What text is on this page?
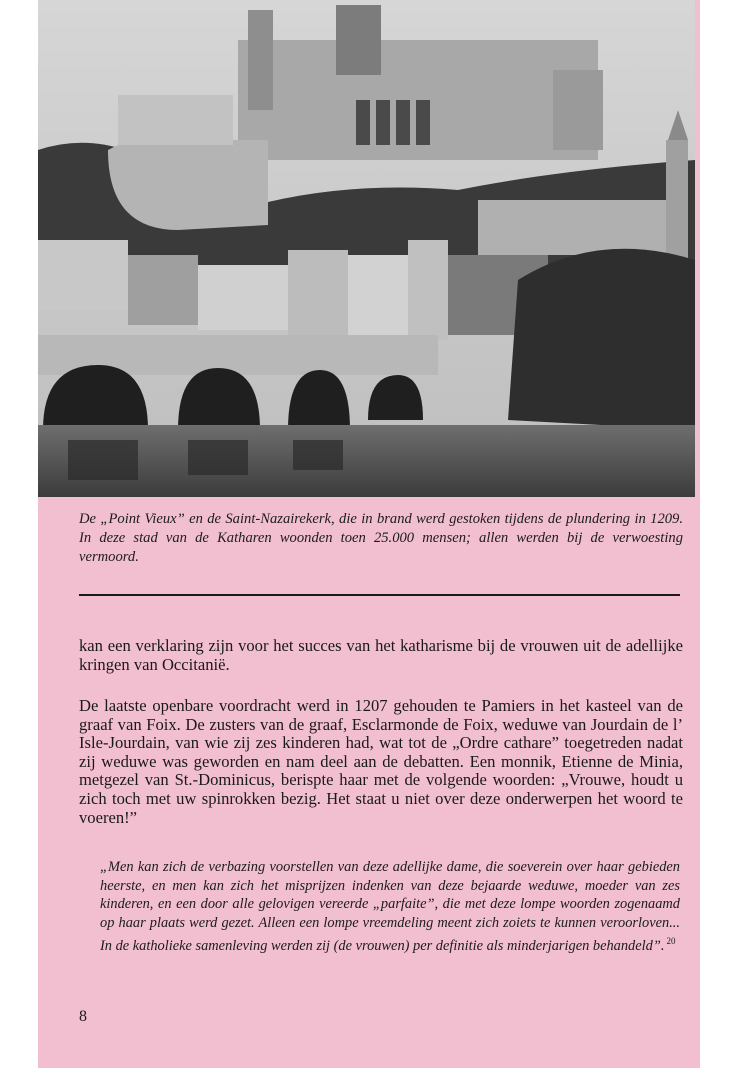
De „Point Vieux” en de Saint-Nazairekerk, die in brand werd gestoken tijdens de plundering in 1209. In deze stad van de Katharen woonden toen 25.000 mensen; allen werden bij de verwoesting vermoord.

kan een verklaring zijn voor het succes van het katharisme bij de vrouwen uit de adellijke kringen van Occitanië.

De laatste openbare voordracht werd in 1207 gehouden te Pamiers in het kasteel van de graaf van Foix. De zusters van de graaf, Esclarmonde de Foix, weduwe van Jourdain de l’ Isle-Jourdain, van wie zij zes kinderen had, wat tot de „Ordre cathare” toegetreden nadat zij weduwe was geworden en nam deel aan de debatten. Een monnik, Etienne de Minia, metgezel van St.-Dominicus, berispte haar met de volgende woorden: „Vrouwe, houdt u zich toch met uw spinrokken bezig. Het staat u niet over deze onderwerpen het woord te voeren!”

„Men kan zich de verbazing voorstellen van deze adellijke dame, die soeverein over haar gebieden heerste, en men kan zich het misprijzen indenken van deze bejaarde weduwe, moeder van zes kinderen, en een door alle gelovigen vereerde „parfaite”, die met deze lompe woorden zogenaamd op haar plaats werd gezet. Alleen een lompe vreemdeling meent zich zoiets te kunnen veroorloven... In de katholieke samenleving werden zij (de vrouwen) per definitie als minderjarigen behandeld”. $^{20}$

8
